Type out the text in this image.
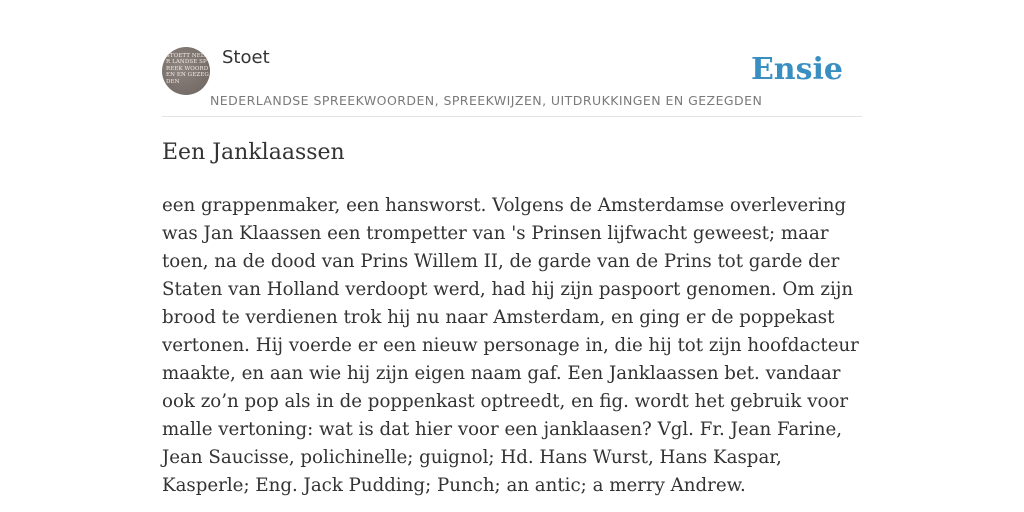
STOETT NEDER LANDSE SPREEK WOORDEN EN GEZEGDEN
Stoet
NEDERLANDSE SPREEKWOORDEN, SPREEKWIJZEN, UITDRUKKINGEN EN GEZEGDEN
Ensie
Een Janklaassen

een grappenmaker, een hansworst. Volgens de Amsterdamse overlevering was Jan Klaassen een trompetter van 's Prinsen lijfwacht geweest; maar toen, na de dood van Prins Willem II, de garde van de Prins tot garde der Staten van Holland verdoopt werd, had hij zijn paspoort genomen. Om zijn brood te verdienen trok hij nu naar Amsterdam, en ging er de poppekast vertonen. Hij voerde er een nieuw personage in, die hij tot zijn hoofdacteur maakte, en aan wie hij zijn eigen naam gaf. Een Janklaassen bet. vandaar ook zo’n pop als in de poppenkast optreedt, en fig. wordt het gebruik voor malle vertoning: wat is dat hier voor een janklaasen? Vgl. Fr. Jean Farine, Jean Saucisse, polichinelle; guignol; Hd. Hans Wurst, Hans Kaspar, Kasperle; Eng. Jack Pudding; Punch; an antic; a merry Andrew.
